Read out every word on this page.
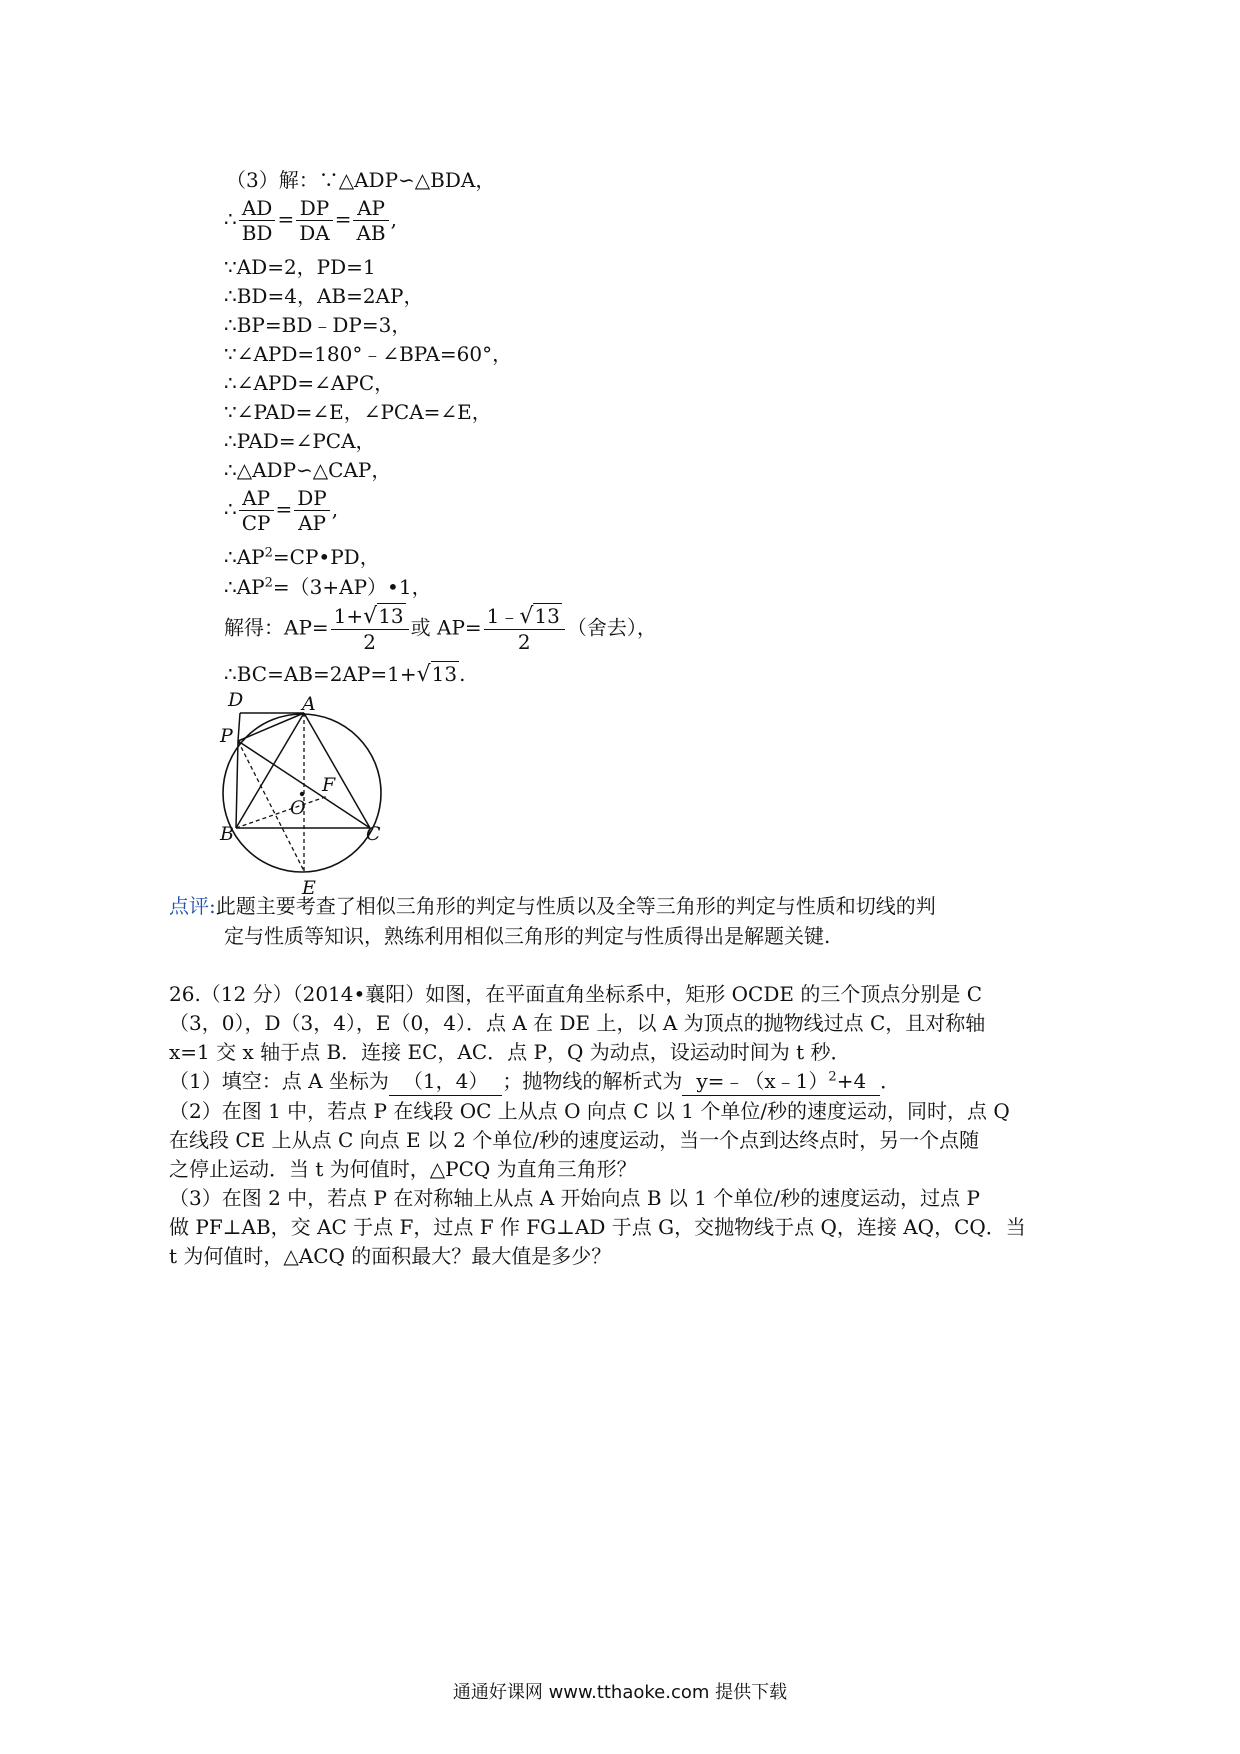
（3）解：∵△ADP∽△BDA，
∴ $\frac{AD}{BD} = \frac{DP}{DA} = \frac{AP}{AB}$ ,
∵AD=2，PD=1
∴BD=4，AB=2AP，
∴BP=BD﹣DP=3，
∵∠APD=180°﹣∠BPA=60°，
∴∠APD=∠APC，
∵∠PAD=∠E，∠PCA=∠E，
∴PAD=∠PCA，
∴△ADP∽△CAP，
∴ $\frac{AP}{CP} = \frac{DP}{AP}$ ,
$\therefore AP^2=CP•PD$，
$\therefore AP^2=(3+AP)•1$，
解得：$AP= \frac{1+√13}{2}$ 或 $AP= \frac{1﹣√13}{2}$ （舍去），
∴BC=AB=2AP=1+√13 .
D	A
P
O
F
B	C
E
点评:此题主要考查了相似三角形的判定与性质以及全等三角形的判定与性质和切线的判
定与性质等知识，熟练利用相似三角形的判定与性质得出是解题关键.
26.（12 分）（2014•襄阳）如图，在平面直角坐标系中，矩形 OCDE 的三个顶点分别是 C
（3，0），D（3，4），E（0，4）．点 A 在 DE 上，以 A 为顶点的抛物线过点 C，且对称轴
x=1 交 x 轴于点 B．连接 EC，AC．点 P，Q 为动点，设运动时间为 t 秒．
（1）填空：点 A 坐标为 （1，4） ；抛物线的解析式为 y=﹣（x﹣1）$^2$+4 ．
（2）在图 1 中，若点 P 在线段 OC 上从点 O 向点 C 以 1 个单位/秒的速度运动，同时，点 Q
在线段 CE 上从点 C 向点 E 以 2 个单位/秒的速度运动，当一个点到达终点时，另一个点随
之停止运动．当 t 为何值时，△PCQ 为直角三角形？
（3）在图 2 中，若点 P 在对称轴上从点 A 开始向点 B 以 1 个单位/秒的速度运动，过点 P
做 PF⊥AB，交 AC 于点 F，过点 F 作 FG⊥AD 于点 G，交抛物线于点 Q，连接 AQ，CQ．当
t 为何值时，△ACQ 的面积最大？最大值是多少？
通通好课网 www.tthaoke.com 提供下载
